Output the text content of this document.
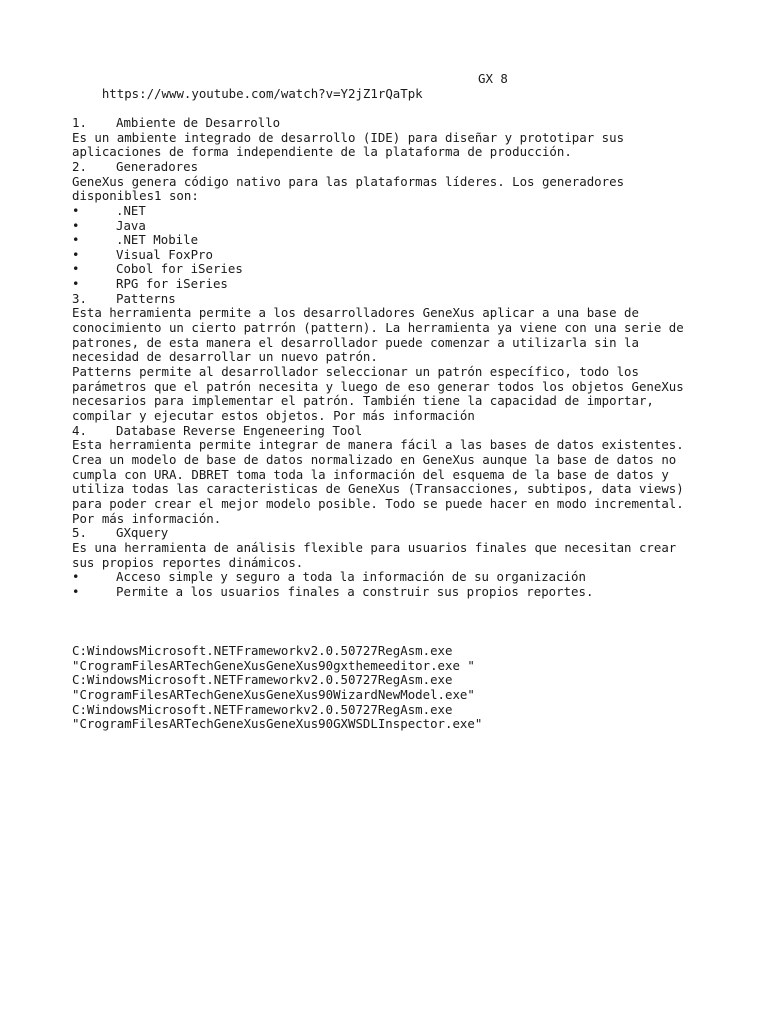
https://www.youtube.com/watch?v=Y2jZ1rQaTpk

GX 8

1. Ambiente de Desarrollo
Es un ambiente integrado de desarrollo (IDE) para diseñar y prototipar sus aplicaciones de forma independiente de la plataforma de producción.
2. Generadores
GeneXus genera código nativo para las plataformas líderes. Los generadores disponibles1 son:
•	.NET
•	Java
•	.NET Mobile
•	Visual FoxPro
•	Cobol for iSeries
•	RPG for iSeries
3. Patterns
Esta herramienta permite a los desarrolladores GeneXus aplicar a una base de conocimiento un cierto patrrón (pattern). La herramienta ya viene con una serie de patrones, de esta manera el desarrollador puede comenzar a utilizarla sin la necesidad de desarrollar un nuevo patrón.
Patterns permite al desarrollador seleccionar un patrón específico, todo los parámetros que el patrón necesita y luego de eso generar todos los objetos GeneXus necesarios para implementar el patrón. También tiene la capacidad de importar, compilar y ejecutar estos objetos. Por más información
4. Database Reverse Engeneering Tool
Esta herramienta permite integrar de manera fácil a las bases de datos existentes. Crea un modelo de base de datos normalizado en GeneXus aunque la base de datos no cumpla con URA. DBRET toma toda la información del esquema de la base de datos y utiliza todas las caracteristicas de GeneXus (Transacciones, subtipos, data views) para poder crear el mejor modelo posible. Todo se puede hacer en modo incremental. Por más información.
5. GXquery
Es una herramienta de análisis flexible para usuarios finales que necesitan crear sus propios reportes dinámicos.
•	Acceso simple y seguro a toda la información de su organización
•	Permite a los usuarios finales a construir sus propios reportes.
C:WindowsMicrosoft.NETFrameworkv2.0.50727RegAsm.exe
"CrogramFilesARTechGeneXusGeneXus90gxthemeeditor.exe "
C:WindowsMicrosoft.NETFrameworkv2.0.50727RegAsm.exe
"CrogramFilesARTechGeneXusGeneXus90WizardNewModel.exe"
C:WindowsMicrosoft.NETFrameworkv2.0.50727RegAsm.exe
"CrogramFilesARTechGeneXusGeneXus90GXWSDLInspector.exe"
